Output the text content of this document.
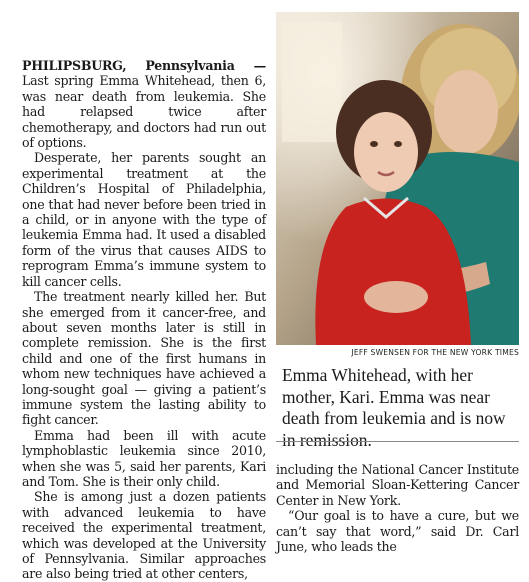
PHILIPSBURG, Pennsylvania — Last spring Emma Whitehead, then 6, was near death from leukemia. She had relapsed twice after chemotherapy, and doctors had run out of options.

Desperate, her parents sought an experimental treatment at the Children’s Hospital of Philadelphia, one that had never before been tried in a child, or in anyone with the type of leukemia Emma had. It used a disabled form of the virus that causes AIDS to reprogram Emma’s immune system to kill cancer cells.

The treatment nearly killed her. But she emerged from it cancer-free, and about seven months later is still in complete remission. She is the first child and one of the first humans in whom new techniques have achieved a long-sought goal — giving a patient’s immune system the lasting ability to fight cancer.

Emma had been ill with acute lymphoblastic leukemia since 2010, when she was 5, said her parents, Kari and Tom. She is their only child.

She is among just a dozen patients with advanced leukemia to have received the experimental treatment, which was developed at the University of Pennsylvania. Similar approaches are also being tried at other centers,

JEFF SWENSEN FOR THE NEW YORK TIMES
Emma Whitehead, with her mother, Kari. Emma was near death from leukemia and is now in remission.

including the National Cancer Institute and Memorial Sloan-Kettering Cancer Center in New York.

“Our goal is to have a cure, but we can’t say that word,” said Dr. Carl June, who leads the
